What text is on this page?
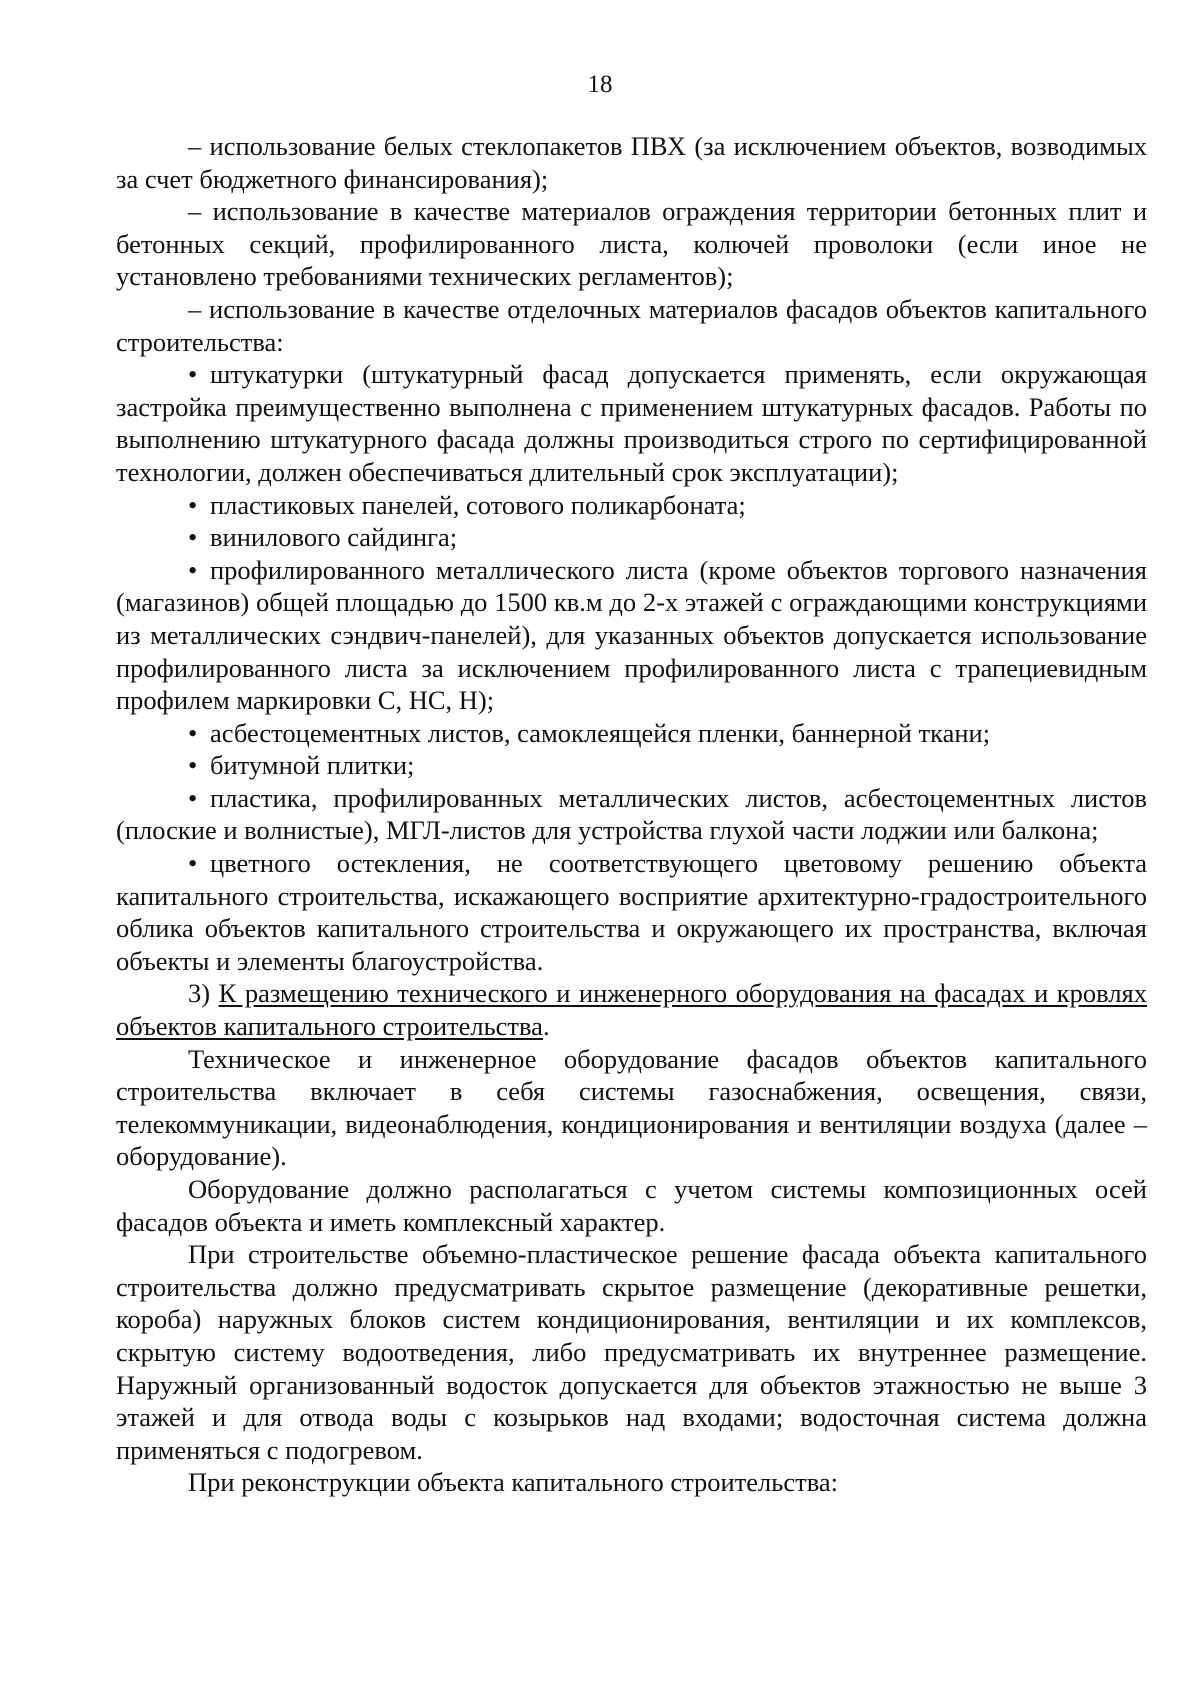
18

– использование белых стеклопакетов ПВХ (за исключением объектов, возводимых за счет бюджетного финансирования);

– использование в качестве материалов ограждения территории бетонных плит и бетонных секций, профилированного листа, колючей проволоки (если иное не установлено требованиями технических регламентов);

– использование в качестве отделочных материалов фасадов объектов капитального строительства:

• штукатурки (штукатурный фасад допускается применять, если окружающая застройка преимущественно выполнена с применением штукатурных фасадов. Работы по выполнению штукатурного фасада должны производиться строго по сертифицированной технологии, должен обеспечиваться длительный срок эксплуатации);

• пластиковых панелей, сотового поликарбоната;

• винилового сайдинга;

• профилированного металлического листа (кроме объектов торгового назначения (магазинов) общей площадью до 1500 кв.м до 2-х этажей с ограждающими конструкциями из металлических сэндвич-панелей), для указанных объектов допускается использование профилированного листа за исключением профилированного листа с трапециевидным профилем маркировки С, НС, Н);

• асбестоцементных листов, самоклеящейся пленки, баннерной ткани;

• битумной плитки;

• пластика, профилированных металлических листов, асбестоцементных листов (плоские и волнистые), МГЛ-листов для устройства глухой части лоджии или балкона;

• цветного остекления, не соответствующего цветовому решению объекта капитального строительства, искажающего восприятие архитектурно-градостроительного облика объектов капитального строительства и окружающего их пространства, включая объекты и элементы благоустройства.

3) К размещению технического и инженерного оборудования на фасадах и кровлях объектов капитального строительства.

Техническое и инженерное оборудование фасадов объектов капитального строительства включает в себя системы газоснабжения, освещения, связи, телекоммуникации, видеонаблюдения, кондиционирования и вентиляции воздуха (далее – оборудование).

Оборудование должно располагаться с учетом системы композиционных осей фасадов объекта и иметь комплексный характер.

При строительстве объемно-пластическое решение фасада объекта капитального строительства должно предусматривать скрытое размещение (декоративные решетки, короба) наружных блоков систем кондиционирования, вентиляции и их комплексов, скрытую систему водоотведения, либо предусматривать их внутреннее размещение. Наружный организованный водосток допускается для объектов этажностью не выше 3 этажей и для отвода воды с козырьков над входами; водосточная система должна применяться с подогревом.

При реконструкции объекта капитального строительства:
